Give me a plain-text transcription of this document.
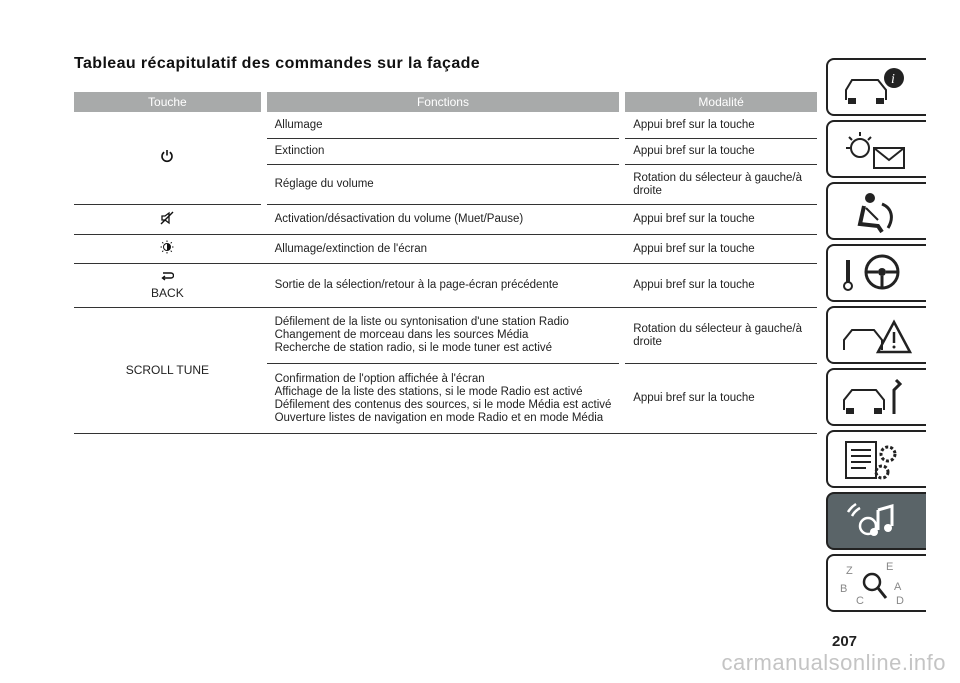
Tableau récapitulatif des commandes sur la façade
Touche		Fonctions		Modalité
		Allumage		Appui bref sur la touche
		Extinction		Appui bref sur la touche
		Réglage du volume		Rotation du sélecteur à gauche/à droite
		Activation/désactivation du volume (Muet/Pause)		Appui bref sur la touche
		Allumage/extinction de l'écran		Appui bref sur la touche

BACK		Sortie de la sélection/retour à la page-écran précédente		Appui bref sur la touche
SCROLL TUNE		Défilement de la liste ou syntonisation d'une station Radio
Changement de morceau dans les sources Média
Recherche de station radio, si le mode tuner est activé		Rotation du sélecteur à gauche/à droite
		Confirmation de l'option affichée à l'écran
Affichage de la liste des stations, si le mode Radio est activé
Défilement des contenus des sources, si le mode Média est activé
Ouverture listes de navigation en mode Radio et en mode Média		Appui bref sur la touche
i
Z	E
B
C
A
D
207
carmanualsonline.info
